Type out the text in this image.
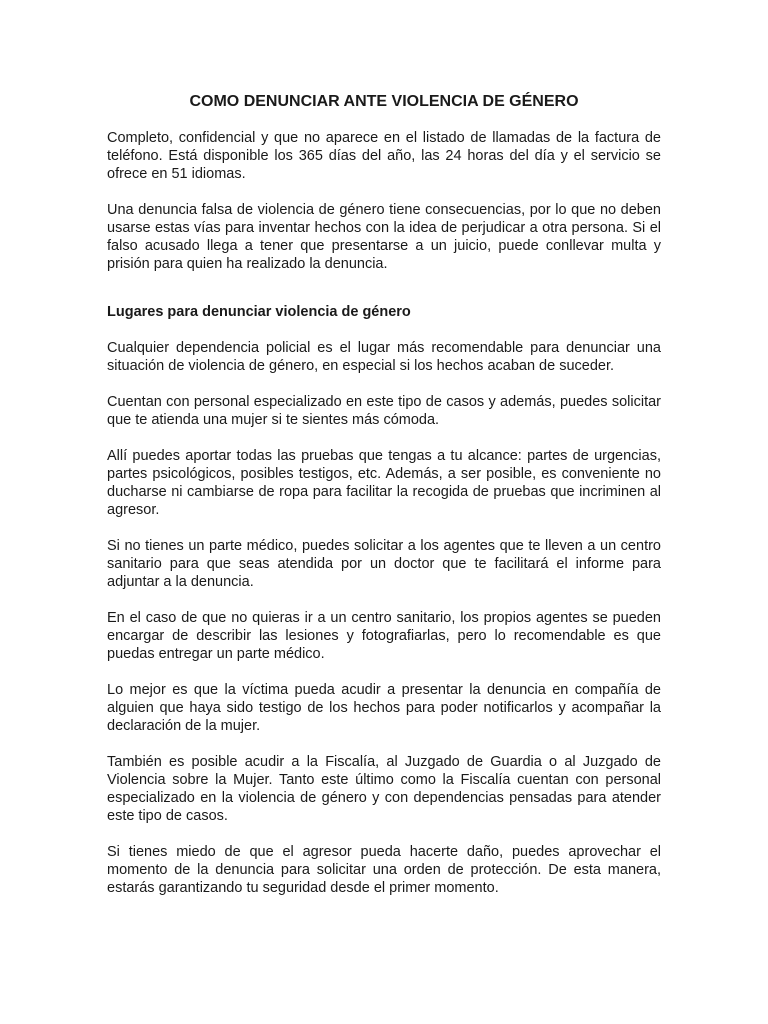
COMO DENUNCIAR ANTE VIOLENCIA DE GÉNERO

Completo, confidencial y que no aparece en el listado de llamadas de la factura de teléfono. Está disponible los 365 días del año, las 24 horas del día y el servicio se ofrece en 51 idiomas.

Una denuncia falsa de violencia de género tiene consecuencias, por lo que no deben usarse estas vías para inventar hechos con la idea de perjudicar a otra persona. Si el falso acusado llega a tener que presentarse a un juicio, puede conllevar multa y prisión para quien ha realizado la denuncia.

Lugares para denunciar violencia de género

Cualquier dependencia policial es el lugar más recomendable para denunciar una situación de violencia de género, en especial si los hechos acaban de suceder.

Cuentan con personal especializado en este tipo de casos y además, puedes solicitar que te atienda una mujer si te sientes más cómoda.

Allí puedes aportar todas las pruebas que tengas a tu alcance: partes de urgencias, partes psicológicos, posibles testigos, etc. Además, a ser posible, es conveniente no ducharse ni cambiarse de ropa para facilitar la recogida de pruebas que incriminen al agresor.

Si no tienes un parte médico, puedes solicitar a los agentes que te lleven a un centro sanitario para que seas atendida por un doctor que te facilitará el informe para adjuntar a la denuncia.

En el caso de que no quieras ir a un centro sanitario, los propios agentes se pueden encargar de describir las lesiones y fotografiarlas, pero lo recomendable es que puedas entregar un parte médico.

Lo mejor es que la víctima pueda acudir a presentar la denuncia en compañía de alguien que haya sido testigo de los hechos para poder notificarlos y acompañar la declaración de la mujer.

También es posible acudir a la Fiscalía, al Juzgado de Guardia o al Juzgado de Violencia sobre la Mujer. Tanto este último como la Fiscalía cuentan con personal especializado en la violencia de género y con dependencias pensadas para atender este tipo de casos.

Si tienes miedo de que el agresor pueda hacerte daño, puedes aprovechar el momento de la denuncia para solicitar una orden de protección. De esta manera, estarás garantizando tu seguridad desde el primer momento.
